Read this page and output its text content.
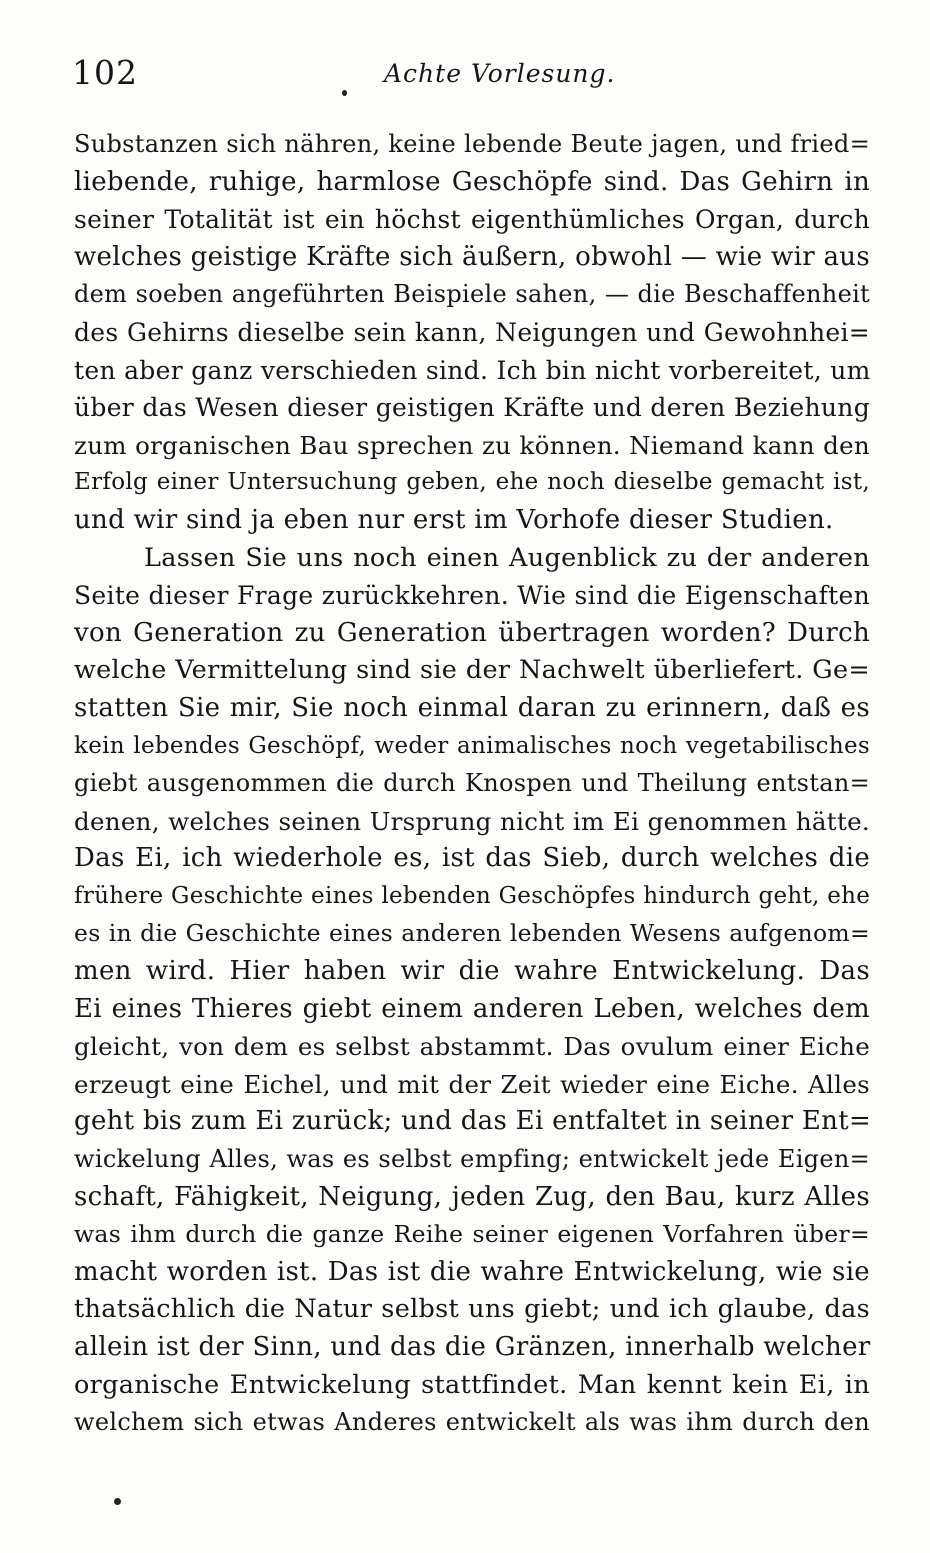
102	Achte Vorlesung.
Substanzen sich nähren, keine lebende Beute jagen, und fried=
liebende, ruhige, harmlose Geschöpfe sind. Das Gehirn in
seiner Totalität ist ein höchst eigenthümliches Organ, durch
welches geistige Kräfte sich äußern, obwohl — wie wir aus
dem soeben angeführten Beispiele sahen, — die Beschaffenheit
des Gehirns dieselbe sein kann, Neigungen und Gewohnhei=
ten aber ganz verschieden sind. Ich bin nicht vorbereitet, um
über das Wesen dieser geistigen Kräfte und deren Beziehung
zum organischen Bau sprechen zu können. Niemand kann den
Erfolg einer Untersuchung geben, ehe noch dieselbe gemacht ist,
und wir sind ja eben nur erst im Vorhofe dieser Studien.
Lassen Sie uns noch einen Augenblick zu der anderen
Seite dieser Frage zurückkehren. Wie sind die Eigenschaften
von Generation zu Generation übertragen worden? Durch
welche Vermittelung sind sie der Nachwelt überliefert. Ge=
statten Sie mir, Sie noch einmal daran zu erinnern, daß es
kein lebendes Geschöpf, weder animalisches noch vegetabilisches
giebt ausgenommen die durch Knospen und Theilung entstan=
denen, welches seinen Ursprung nicht im Ei genommen hätte.
Das Ei, ich wiederhole es, ist das Sieb, durch welches die
frühere Geschichte eines lebenden Geschöpfes hindurch geht, ehe
es in die Geschichte eines anderen lebenden Wesens aufgenom=
men wird. Hier haben wir die wahre Entwickelung. Das
Ei eines Thieres giebt einem anderen Leben, welches dem
gleicht, von dem es selbst abstammt. Das ovulum einer Eiche
erzeugt eine Eichel, und mit der Zeit wieder eine Eiche. Alles
geht bis zum Ei zurück; und das Ei entfaltet in seiner Ent=
wickelung Alles, was es selbst empfing; entwickelt jede Eigen=
schaft, Fähigkeit, Neigung, jeden Zug, den Bau, kurz Alles
was ihm durch die ganze Reihe seiner eigenen Vorfahren über=
macht worden ist. Das ist die wahre Entwickelung, wie sie
thatsächlich die Natur selbst uns giebt; und ich glaube, das
allein ist der Sinn, und das die Gränzen, innerhalb welcher
organische Entwickelung stattfindet. Man kennt kein Ei, in
welchem sich etwas Anderes entwickelt als was ihm durch den
